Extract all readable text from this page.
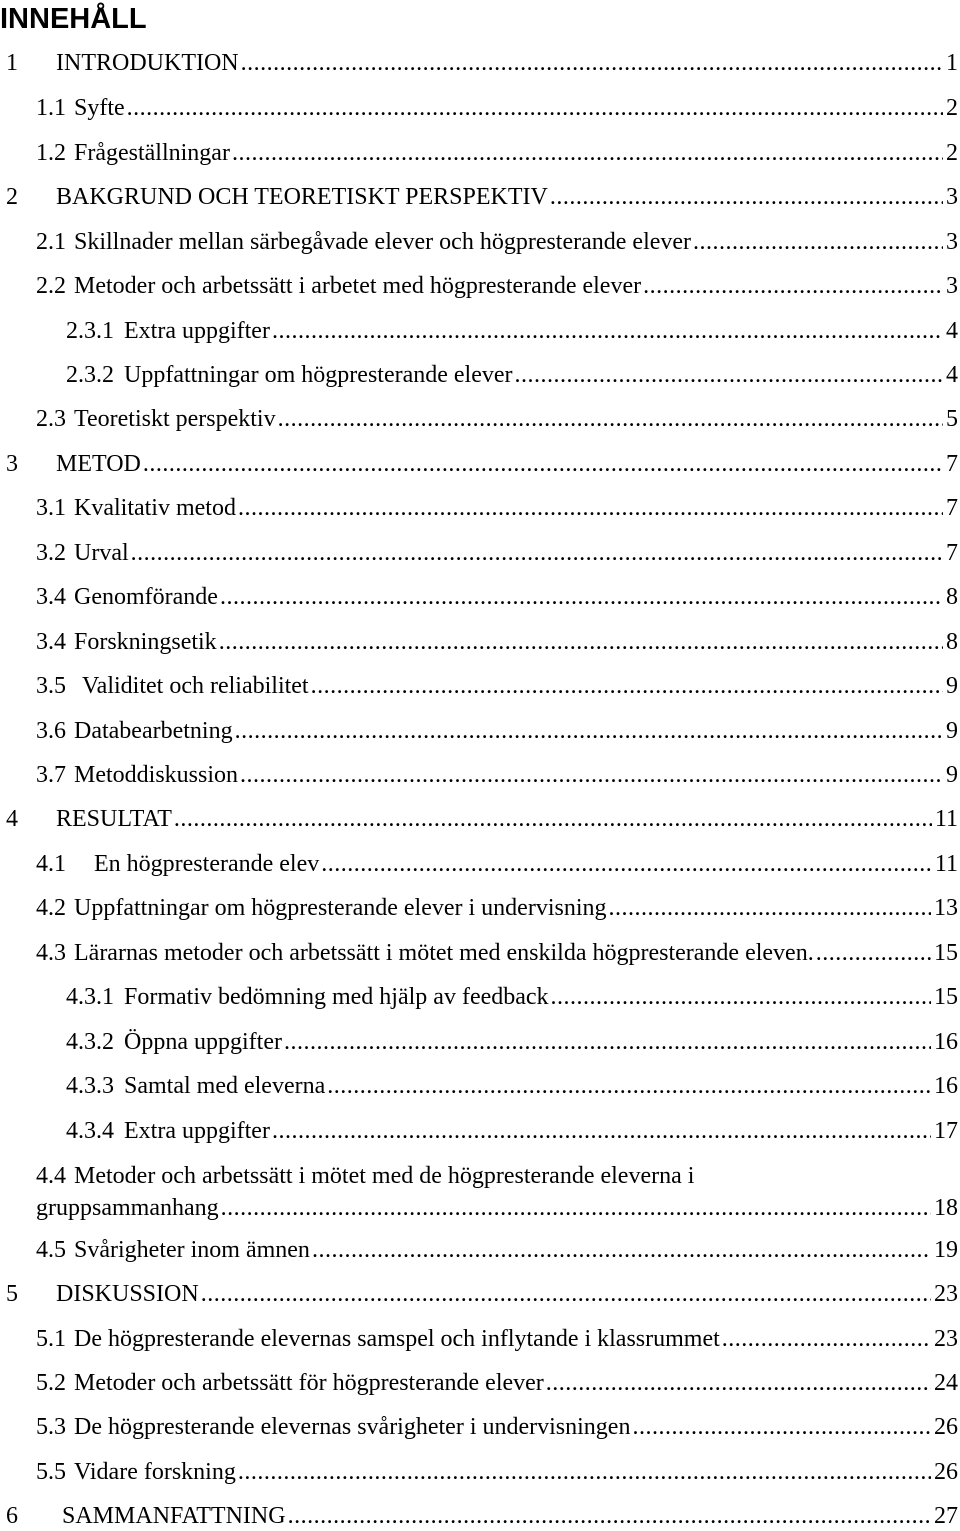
INNEHÅLL
1	INTRODUKTION .....	1
1.1 Syfte .....	2
1.2 Frågeställningar .....	2
2	BAKGRUND OCH TEORETISKT PERSPEKTIV .....	3
2.1 Skillnader mellan särbegåvade elever och högpresterande elever .....	3
2.2 Metoder och arbetssätt i arbetet med högpresterande elever .....	3
2.3.1 Extra uppgifter .....	4
2.3.2 Uppfattningar om högpresterande elever .....	4
2.3 Teoretiskt perspektiv .....	5
3	METOD .....	7
3.1 Kvalitativ metod .....	7
3.2 Urval .....	7
3.4 Genomförande .....	8
3.4 Forskningsetik .....	8
3.5 Validitet och reliabilitet .....	9
3.6 Databearbetning .....	9
3.7 Metoddiskussion .....	9
4	RESULTAT .....	11
4.1	En högpresterande elev .....	11
4.2 Uppfattningar om högpresterande elever i undervisning .....	13
4.3 Lärarnas metoder och arbetssätt i mötet med enskilda högpresterande eleven. .....	15
4.3.1 Formativ bedömning med hjälp av feedback .....	15
4.3.2 Öppna uppgifter .....	16
4.3.3 Samtal med eleverna .....	16
4.3.4 Extra uppgifter .....	17
4.4 Metoder och arbetssätt i mötet med de högpresterande eleverna i
gruppsammanhang .....	18
4.5 Svårigheter inom ämnen .....	19
5	DISKUSSION .....	23
5.1 De högpresterande elevernas samspel och inflytande i klassrummet .....	23
5.2 Metoder och arbetssätt för högpresterande elever .....	24
5.3 De högpresterande elevernas svårigheter i undervisningen .....	26
5.5 Vidare forskning .....	26
6	SAMMANFATTNING .....	27
